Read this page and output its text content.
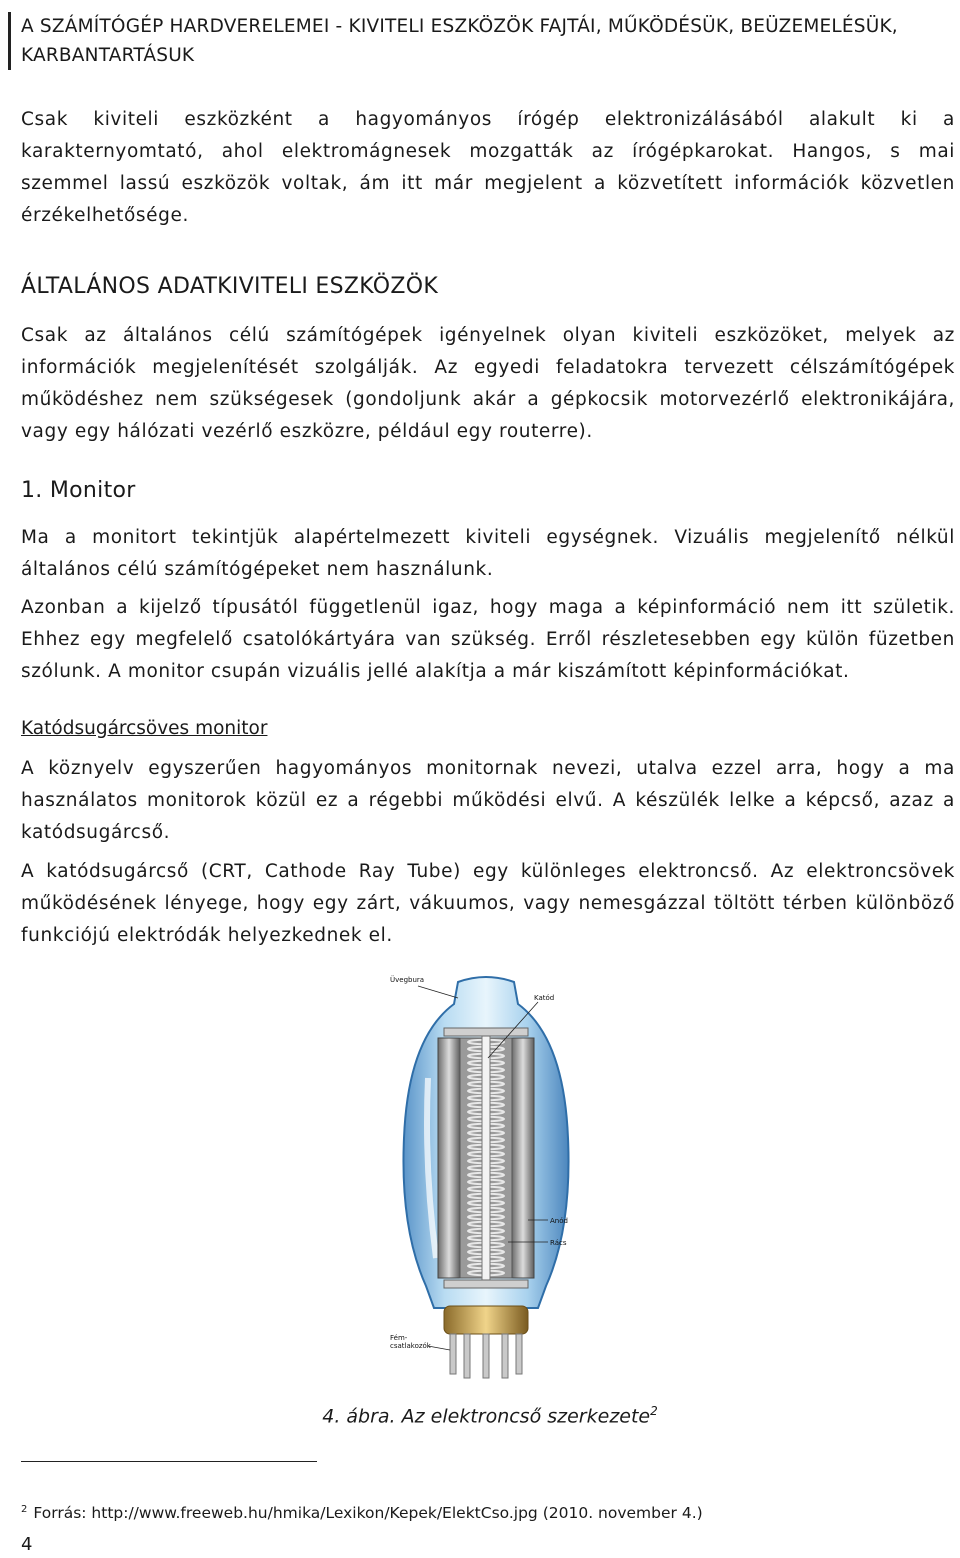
A SZÁMÍTÓGÉP HARDVERELEMEI - KIVITELI ESZKÖZÖK FAJTÁI, MŰKÖDÉSÜK, BEÜZEMELÉSÜK, KARBANTARTÁSUK

Csak kiviteli eszközként a hagyományos írógép elektronizálásából alakult ki a karakternyomtató, ahol elektromágnesek mozgatták az írógépkarokat. Hangos, s mai szemmel lassú eszközök voltak, ám itt már megjelent a közvetített információk közvetlen érzékelhetősége.

ÁLTALÁNOS ADATKIVITELI ESZKÖZÖK

Csak az általános célú számítógépek igényelnek olyan kiviteli eszközöket, melyek az információk megjelenítését szolgálják. Az egyedi feladatokra tervezett célszámítógépek működéshez nem szükségesek (gondoljunk akár a gépkocsik motorvezérlő elektronikájára, vagy egy hálózati vezérlő eszközre, például egy routerre).

1. Monitor

Ma a monitort tekintjük alapértelmezett kiviteli egységnek. Vizuális megjelenítő nélkül általános célú számítógépeket nem használunk.

Azonban a kijelző típusától függetlenül igaz, hogy maga a képinformáció nem itt születik. Ehhez egy megfelelő csatolókártyára van szükség. Erről részletesebben egy külön füzetben szólunk. A monitor csupán vizuális jellé alakítja a már kiszámított képinformációkat.

Katódsugárcsöves monitor

A köznyelv egyszerűen hagyományos monitornak nevezi, utalva ezzel arra, hogy a ma használatos monitorok közül ez a régebbi működési elvű. A készülék lelke a képcső, azaz a katódsugárcső.

A katódsugárcső (CRT, Cathode Ray Tube) egy különleges elektroncső. Az elektroncsövek működésének lényege, hogy egy zárt, vákuumos, vagy nemesgázzal töltött térben különböző funkciójú elektródák helyezkednek el.

Üvegbura
Katód
Anód
Rács
Fém-csatlakozók
4. ábra. Az elektroncső szerkezete$^2$
$^2$ Forrás: http://www.freeweb.hu/hmika/Lexikon/Kepek/ElektCso.jpg (2010. november 4.)
4
